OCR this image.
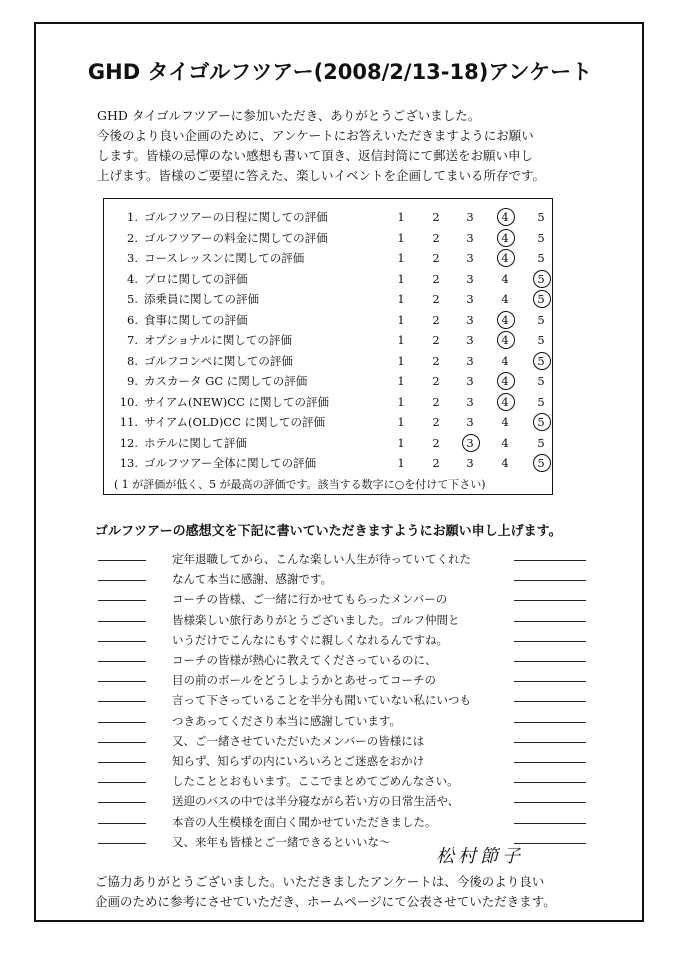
GHD タイゴルフツアー(2008/2/13-18)アンケート
GHD タイゴルフツアーに参加いただき、ありがとうございました。
今後のより良い企画のために、アンケートにお答えいただきますようにお願い
します。皆様の忌憚のない感想も書いて頂き、返信封筒にて郵送をお願い申し
上げます。皆様のご要望に答えた、楽しいイベントを企画してまいる所存です。
( 1 が評価が低く、5 が最高の評価です。該当する数字に○を付けて下さい)
1. ゴルフツアーの日程に関しての評価	1	2	3	4	5
2. ゴルフツアーの料金に関しての評価	1	2	3	4	5
3. コースレッスンに関しての評価	1	2	3	4	5
4. プロに関しての評価	1	2	3	4	5
5. 添乗員に関しての評価	1	2	3	4	5
6. 食事に関しての評価	1	2	3	4	5
7. オプショナルに関しての評価	1	2	3	4	5
8. ゴルフコンペに関しての評価	1	2	3	4	5
9. カスカータ GC に関しての評価	1	2	3	4	5
10. サイアム(NEW)CC に関しての評価	1	2	3	4	5
11. サイアム(OLD)CC に関しての評価	1	2	3	4	5
12. ホテルに関して評価	1	2	3	4	5
13. ゴルフツアー全体に関しての評価	1	2	3	4	5
ゴルフツアーの感想文を下記に書いていただきますようにお願い申し上げます。
定年退職してから、こんな楽しい人生が待っていてくれた
なんて本当に感謝、感謝です。
コーチの皆様、ご一緒に行かせてもらったメンバーの
皆様楽しい旅行ありがとうございました。ゴルフ仲間と
いうだけでこんなにもすぐに親しくなれるんですね。
コーチの皆様が熱心に教えてくださっているのに、
目の前のボールをどうしようかとあせってコーチの
言って下さっていることを半分も聞いていない私にいつも
つきあってくださり本当に感謝しています。
又、ご一緒させていただいたメンバーの皆様には
知らず、知らずの内にいろいろとご迷惑をおかけ
したこととおもいます。ここでまとめてごめんなさい。
送迎のバスの中では半分寝ながら若い方の日常生活や、
本音の人生模様を面白く聞かせていただきました。
又、来年も皆様とご一緒できるといいな～
松村節子
ご協力ありがとうございました。いただきましたアンケートは、今後のより良い
企画のために参考にさせていただき、ホームページにて公表させていただきます。
